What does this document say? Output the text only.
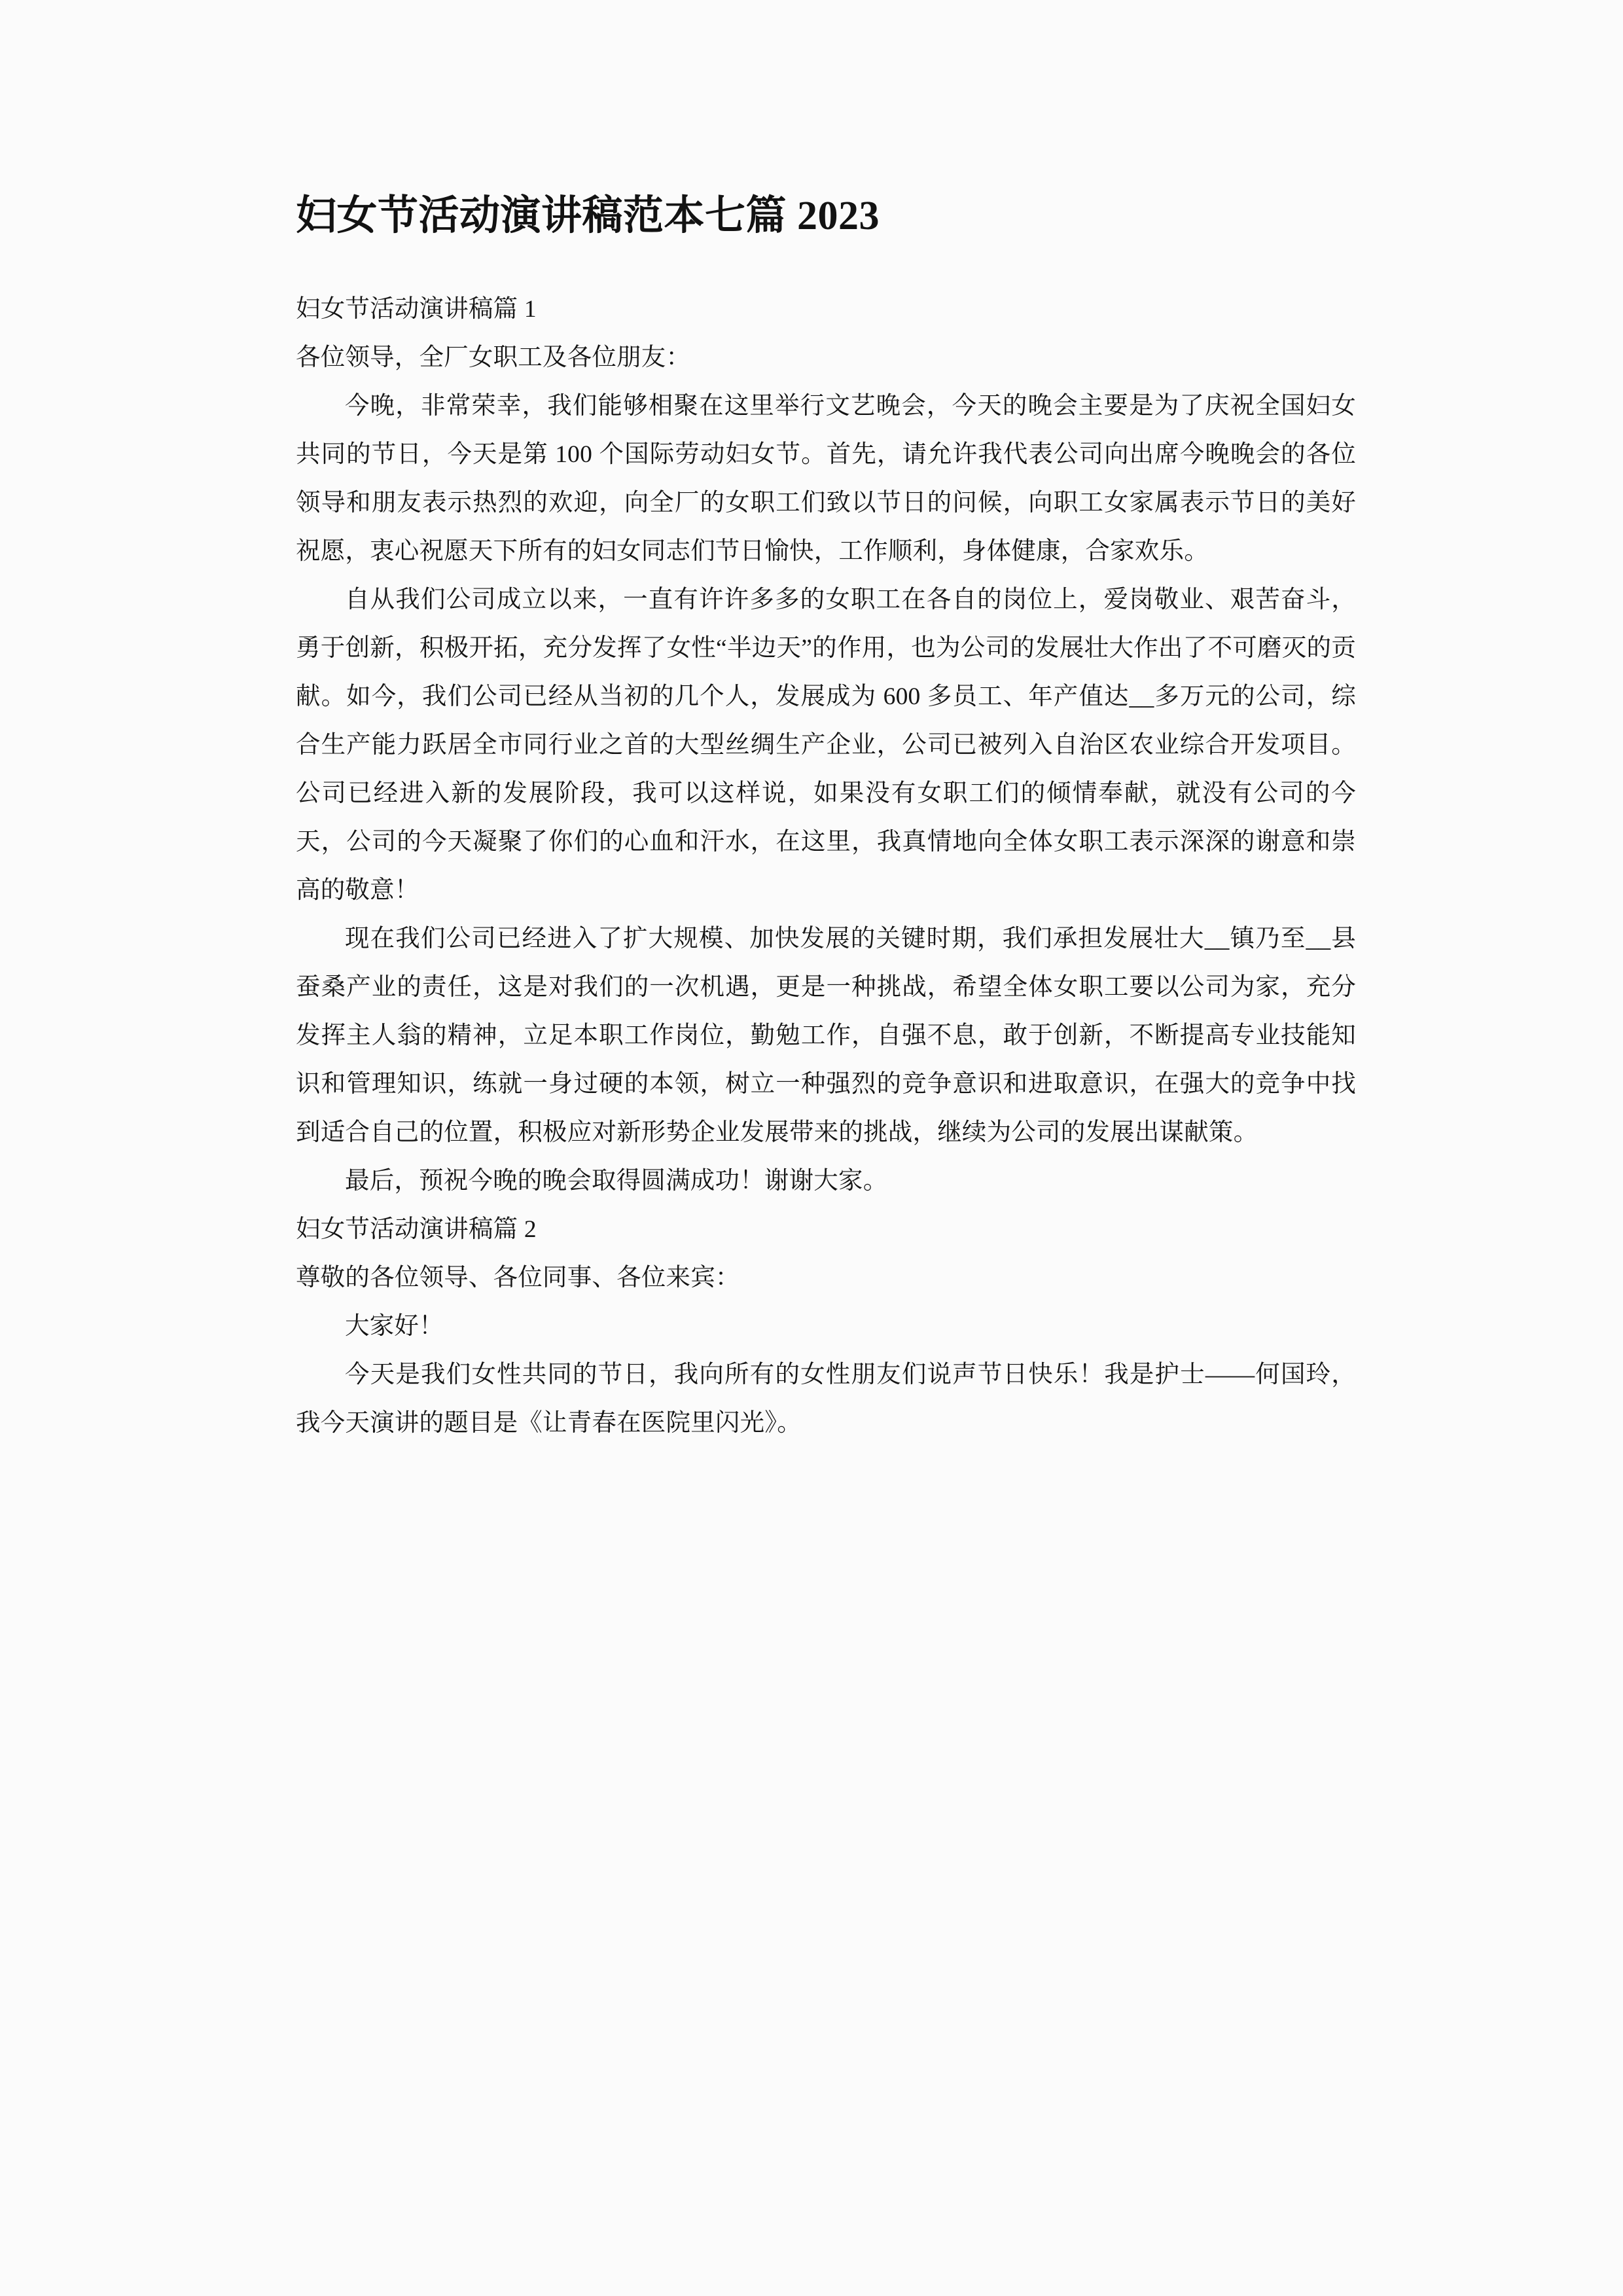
妇女节活动演讲稿范本七篇 2023

妇女节活动演讲稿篇 1

各位领导，全厂女职工及各位朋友：

今晚，非常荣幸，我们能够相聚在这里举行文艺晚会，今天的晚会主要是为了庆祝全国妇女共同的节日，今天是第 100 个国际劳动妇女节。首先，请允许我代表公司向出席今晚晚会的各位领导和朋友表示热烈的欢迎，向全厂的女职工们致以节日的问候，向职工女家属表示节日的美好祝愿，衷心祝愿天下所有的妇女同志们节日愉快，工作顺利，身体健康，合家欢乐。

自从我们公司成立以来，一直有许许多多的女职工在各自的岗位上，爱岗敬业、艰苦奋斗，勇于创新，积极开拓，充分发挥了女性“半边天”的作用，也为公司的发展壮大作出了不可磨灭的贡献。如今，我们公司已经从当初的几个人，发展成为 600 多员工、年产值达__多万元的公司，综合生产能力跃居全市同行业之首的大型丝绸生产企业，公司已被列入自治区农业综合开发项目。公司已经进入新的发展阶段，我可以这样说，如果没有女职工们的倾情奉献，就没有公司的今天，公司的今天凝聚了你们的心血和汗水，在这里，我真情地向全体女职工表示深深的谢意和崇高的敬意！

现在我们公司已经进入了扩大规模、加快发展的关键时期，我们承担发展壮大__镇乃至__县蚕桑产业的责任，这是对我们的一次机遇，更是一种挑战，希望全体女职工要以公司为家，充分发挥主人翁的精神，立足本职工作岗位，勤勉工作，自强不息，敢于创新，不断提高专业技能知识和管理知识，练就一身过硬的本领，树立一种强烈的竞争意识和进取意识，在强大的竞争中找到适合自己的位置，积极应对新形势企业发展带来的挑战，继续为公司的发展出谋献策。

最后，预祝今晚的晚会取得圆满成功！谢谢大家。

妇女节活动演讲稿篇 2

尊敬的各位领导、各位同事、各位来宾：

大家好！

今天是我们女性共同的节日，我向所有的女性朋友们说声节日快乐！我是护士——何国玲，我今天演讲的题目是《让青春在医院里闪光》。
